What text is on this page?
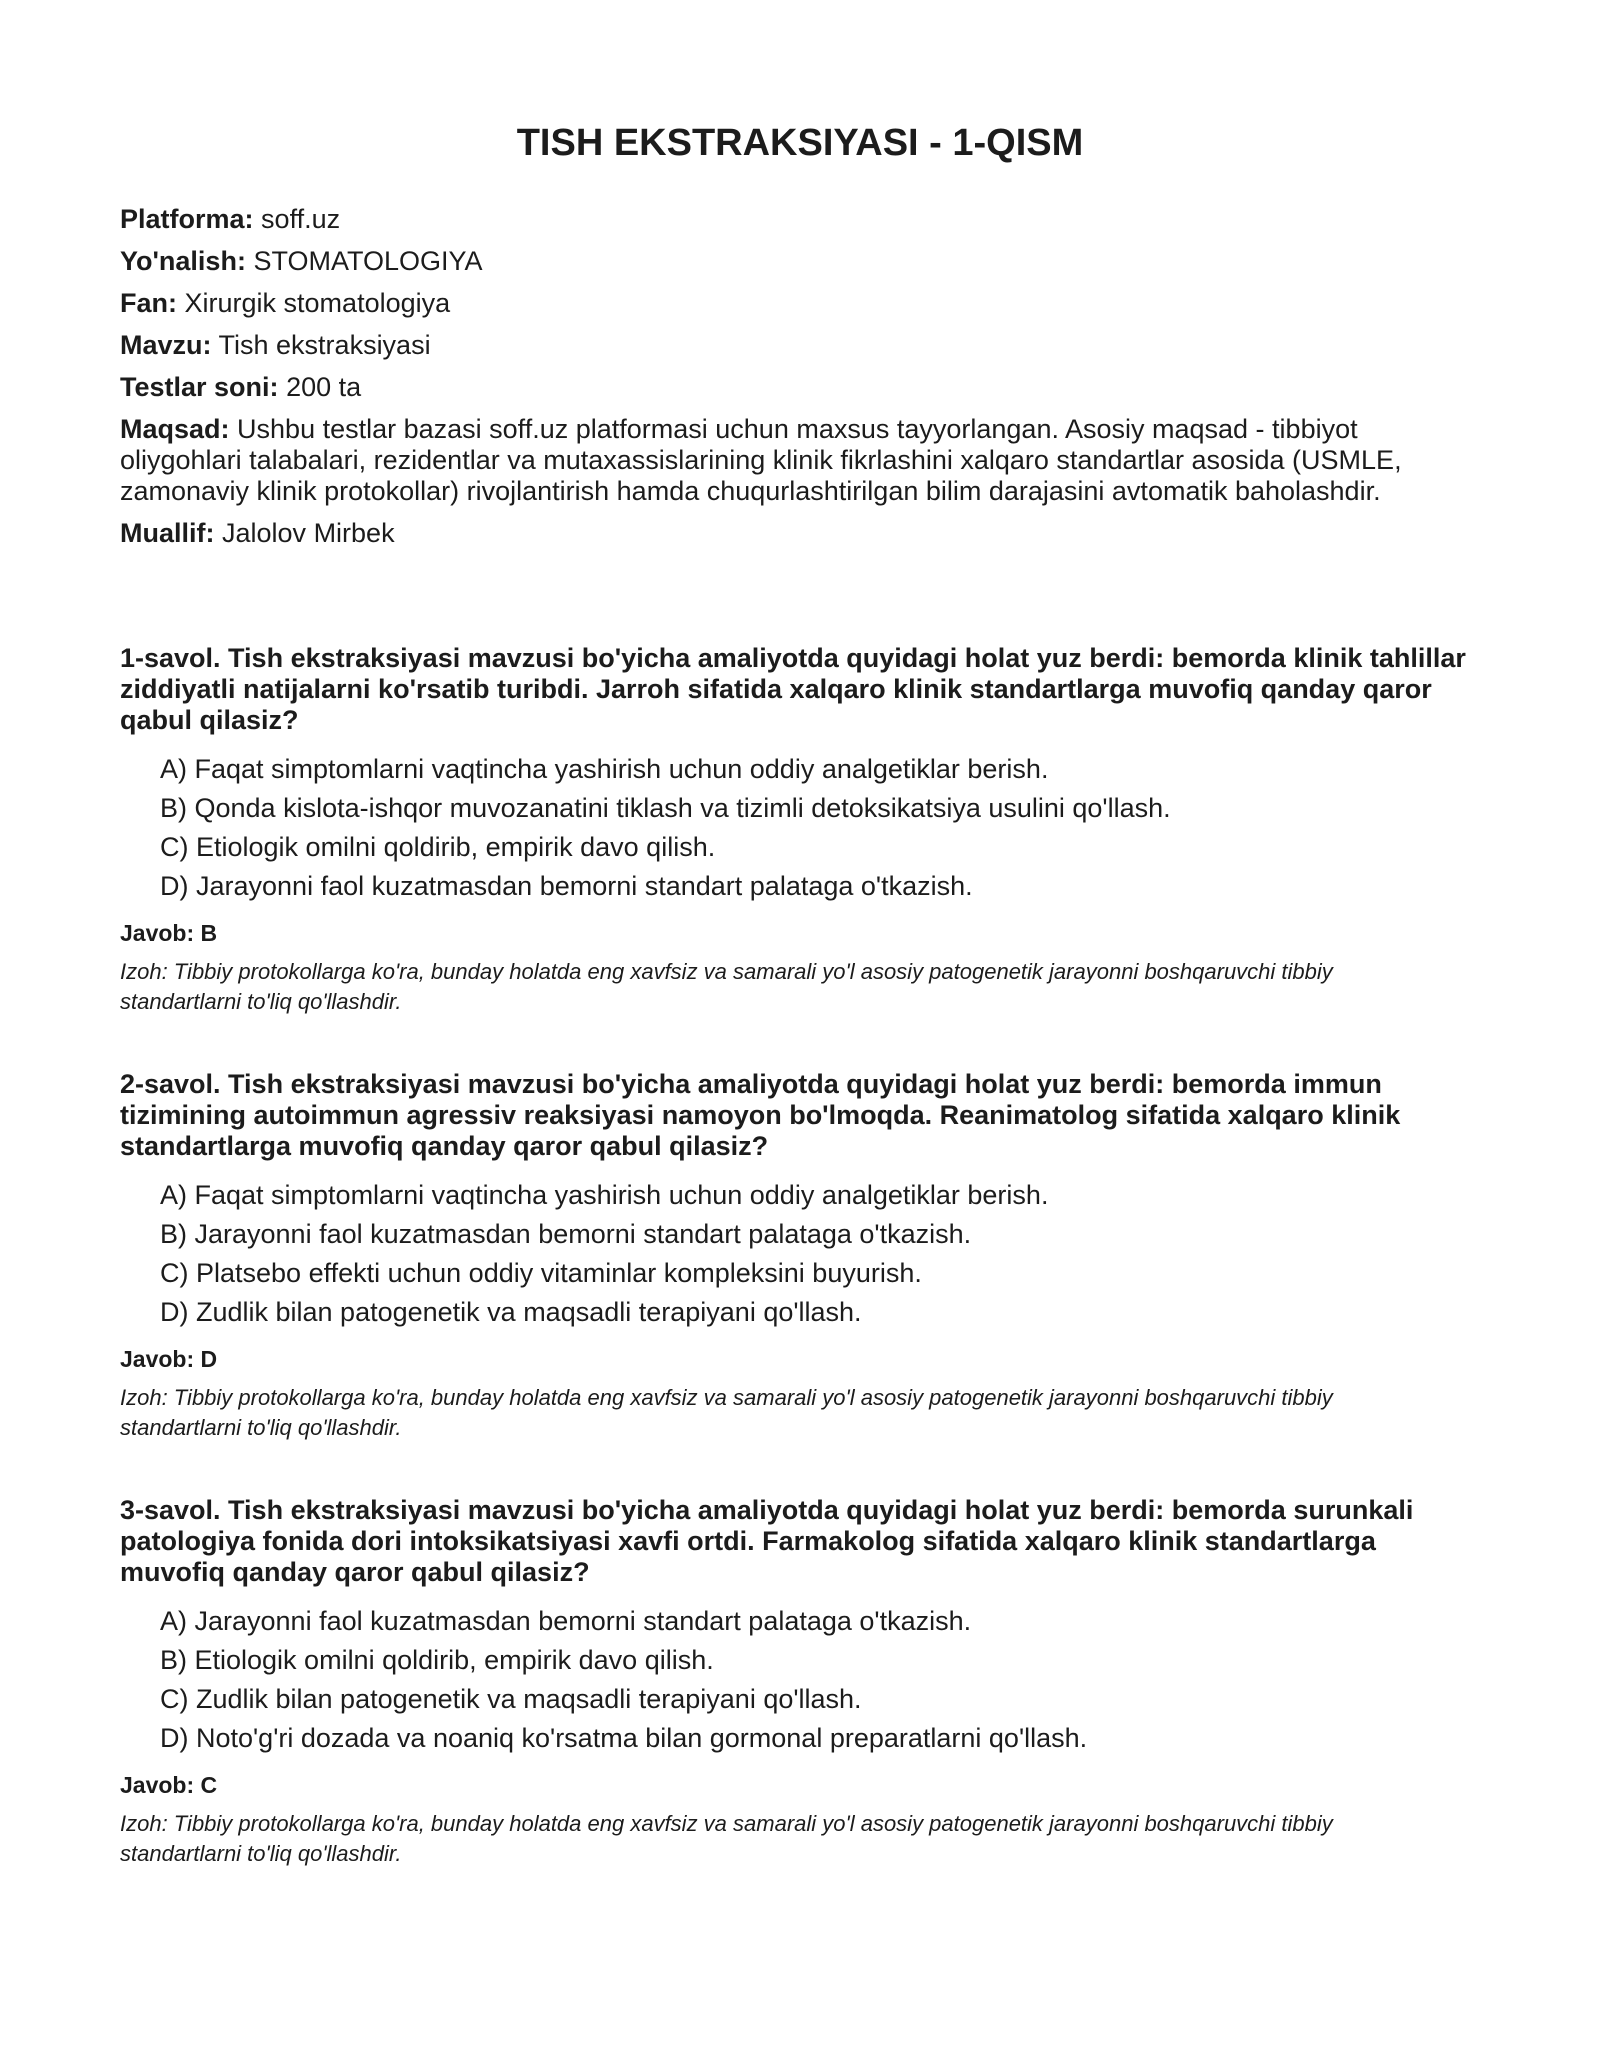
TISH EKSTRAKSIYASI - 1-QISM

Platforma: soff.uz

Yo'nalish: STOMATOLOGIYA

Fan: Xirurgik stomatologiya

Mavzu: Tish ekstraksiyasi

Testlar soni: 200 ta

Maqsad: Ushbu testlar bazasi soff.uz platformasi uchun maxsus tayyorlangan. Asosiy maqsad - tibbiyot oliygohlari talabalari, rezidentlar va mutaxassislarining klinik fikrlashini xalqaro standartlar asosida (USMLE, zamonaviy klinik protokollar) rivojlantirish hamda chuqurlashtirilgan bilim darajasini avtomatik baholashdir.

Muallif: Jalolov Mirbek

1-savol. Tish ekstraksiyasi mavzusi bo'yicha amaliyotda quyidagi holat yuz berdi: bemorda klinik tahlillar ziddiyatli natijalarni ko'rsatib turibdi. Jarroh sifatida xalqaro klinik standartlarga muvofiq qanday qaror qabul qilasiz?

A) Faqat simptomlarni vaqtincha yashirish uchun oddiy analgetiklar berish.
B) Qonda kislota-ishqor muvozanatini tiklash va tizimli detoksikatsiya usulini qo'llash.
C) Etiologik omilni qoldirib, empirik davo qilish.
D) Jarayonni faol kuzatmasdan bemorni standart palataga o'tkazish.

Javob: B

Izoh: Tibbiy protokollarga ko'ra, bunday holatda eng xavfsiz va samarali yo'l asosiy patogenetik jarayonni boshqaruvchi tibbiy standartlarni to'liq qo'llashdir.

2-savol. Tish ekstraksiyasi mavzusi bo'yicha amaliyotda quyidagi holat yuz berdi: bemorda immun tizimining autoimmun agressiv reaksiyasi namoyon bo'lmoqda. Reanimatolog sifatida xalqaro klinik standartlarga muvofiq qanday qaror qabul qilasiz?

A) Faqat simptomlarni vaqtincha yashirish uchun oddiy analgetiklar berish.
B) Jarayonni faol kuzatmasdan bemorni standart palataga o'tkazish.
C) Platsebo effekti uchun oddiy vitaminlar kompleksini buyurish.
D) Zudlik bilan patogenetik va maqsadli terapiyani qo'llash.

Javob: D

Izoh: Tibbiy protokollarga ko'ra, bunday holatda eng xavfsiz va samarali yo'l asosiy patogenetik jarayonni boshqaruvchi tibbiy standartlarni to'liq qo'llashdir.

3-savol. Tish ekstraksiyasi mavzusi bo'yicha amaliyotda quyidagi holat yuz berdi: bemorda surunkali patologiya fonida dori intoksikatsiyasi xavfi ortdi. Farmakolog sifatida xalqaro klinik standartlarga muvofiq qanday qaror qabul qilasiz?

A) Jarayonni faol kuzatmasdan bemorni standart palataga o'tkazish.
B) Etiologik omilni qoldirib, empirik davo qilish.
C) Zudlik bilan patogenetik va maqsadli terapiyani qo'llash.
D) Noto'g'ri dozada va noaniq ko'rsatma bilan gormonal preparatlarni qo'llash.

Javob: C

Izoh: Tibbiy protokollarga ko'ra, bunday holatda eng xavfsiz va samarali yo'l asosiy patogenetik jarayonni boshqaruvchi tibbiy standartlarni to'liq qo'llashdir.
